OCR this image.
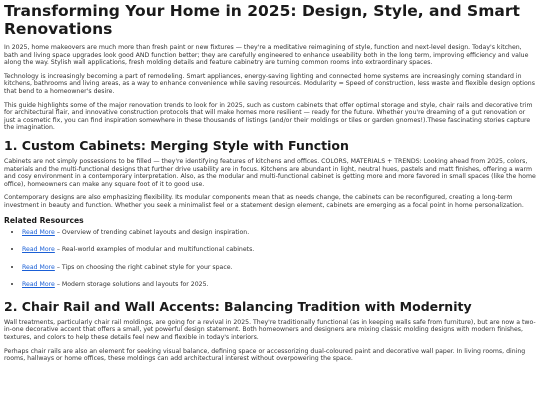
Transforming Your Home in 2025: Design, Style, and Smart Renovations

In 2025, home makeovers are much more than fresh paint or new fixtures — they're a meditative reimagining of style, function and next-level design. Today's kitchen, bath and living space upgrades look good AND function better; they are carefully engineered to enhance useability both in the long term, improving efficiency and value along the way. Stylish wall applications, fresh molding details and feature cabinetry are turning common rooms into extraordinary spaces.

Technology is increasingly becoming a part of remodeling. Smart appliances, energy-saving lighting and connected home systems are increasingly coming standard in kitchens, bathrooms and living areas, as a way to enhance convenience while saving resources. Modularity = Speed of construction, less waste and flexible design options that bend to a homeowner's desire.

This guide highlights some of the major renovation trends to look for in 2025, such as custom cabinets that offer optimal storage and style, chair rails and decorative trim for architectural flair, and innovative construction protocols that will make homes more resilient — ready for the future. Whether you're dreaming of a gut renovation or just a cosmetic fix, you can find inspiration somewhere in these thousands of listings (and/or their moldings or tiles or garden gnomes!).These fascinating stories capture the imagination.

1. Custom Cabinets: Merging Style with Function

Cabinets are not simply possessions to be filled — they're identifying features of kitchens and offices. COLORS, MATERIALS + TRENDS: Looking ahead from 2025, colors, materials and the multi-functional designs that further drive usability are in focus. Kitchens are abundant in light, neutral hues, pastels and matt finishes, offering a warm and cosy environment in a contemporary interpretation. Also, as the modular and multi-functional cabinet is getting more and more favored in small spaces (like the home office), homeowners can make any square foot of it to good use.

Contemporary designs are also emphasizing flexibility. Its modular components mean that as needs change, the cabinets can be reconfigured, creating a long-term investment in beauty and function. Whether you seek a minimalist feel or a statement design element, cabinets are emerging as a focal point in home personalization.

Related Resources
• Read More – Overview of trending cabinet layouts and design inspiration.
• Read More – Real-world examples of modular and multifunctional cabinets.
• Read More – Tips on choosing the right cabinet style for your space.
• Read More – Modern storage solutions and layouts for 2025.
2. Chair Rail and Wall Accents: Balancing Tradition with Modernity

Wall treatments, particularly chair rail moldings, are going for a revival in 2025. They're traditionally functional (as in keeping walls safe from furniture), but are now a two-in-one decorative accent that offers a small, yet powerful design statement. Both homeowners and designers are mixing classic molding designs with modern finishes, textures, and colors to help these details feel new and flexible in today's interiors.

Perhaps chair rails are also an element for seeking visual balance, defining space or accessorizing dual-coloured paint and decorative wall paper. In living rooms, dining rooms, hallways or home offices, these moldings can add architectural interest without overpowering the space.
